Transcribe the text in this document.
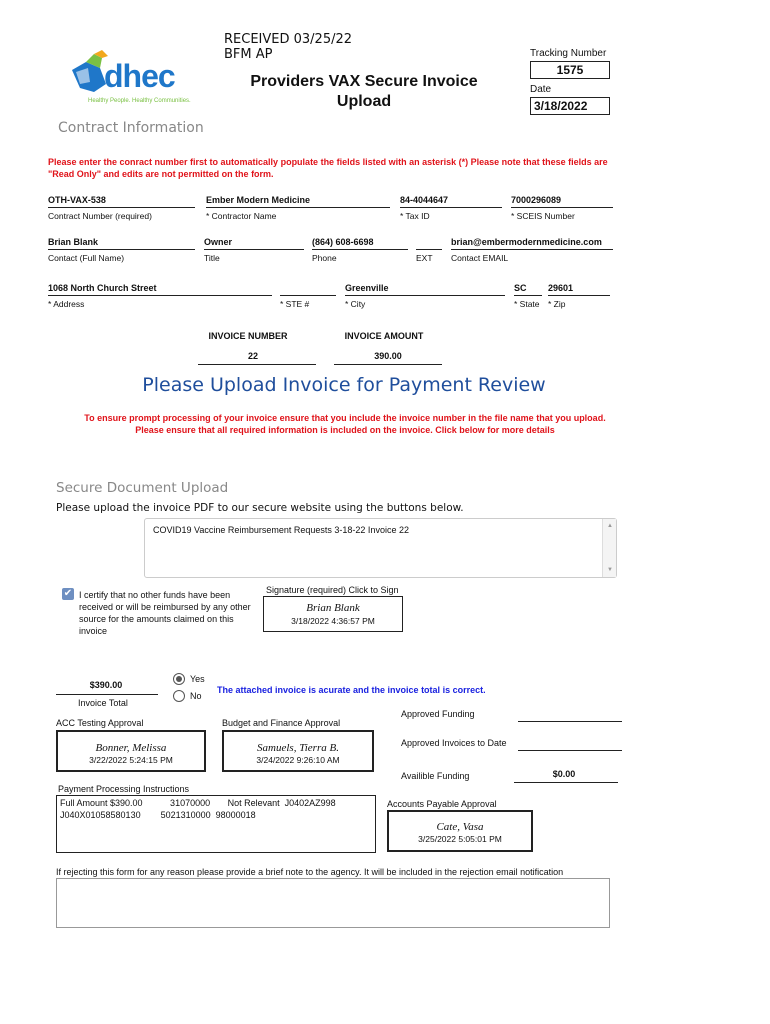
RECEIVED 03/25/22
BFM AP
dhec
Healthy People. Healthy Communities.
Providers VAX Secure Invoice
Upload
Tracking Number
1575
Date
3/18/2022
Contract Information
Please enter the conract number first to automatically populate the fields listed with an asterisk (*) Please note that these fields are "Read Only" and edits are not permitted on the form.
OTH-VAX-538
Contract Number (required)
Ember Modern Medicine
* Contractor Name
84-4044647
* Tax ID
7000296089
* SCEIS Number
Brian Blank
Contact (Full Name)
Owner
Title
(864) 608-6698
Phone	EXT
brian@embermodernmedicine.com
Contact EMAIL
1068 North Church Street
* Address	* STE #
Greenville
* City
SC
* State
29601
* Zip
INVOICE NUMBER
22
INVOICE AMOUNT
390.00
Please Upload Invoice for Payment Review
To ensure prompt processing of your invoice ensure that you include the invoice number in the file name that you upload.
Please ensure that all required information is included on the invoice. Click below for more details
Secure Document Upload
Please upload the invoice PDF to our secure website using the buttons below.
COVID19 Vaccine Reimbursement Requests 3-18-22 Invoice 22	▲
▼
✔ I certify that no other funds have been received or will be reimbursed by any other source for the amounts claimed on this invoice
Signature (required) Click to Sign
Brian Blank
3/18/2022 4:36:57 PM
$390.00
Invoice Total
Yes
No
The attached invoice is acurate and the invoice total is correct.
ACC Testing Approval
Bonner, Melissa
3/22/2022 5:24:15 PM
Budget and Finance Approval
Samuels, Tierra B.
3/24/2022 9:26:10 AM
Approved Funding
Approved Invoices to Date
Availible Funding	$0.00
Payment Processing Instructions

Full Amount $390.00           31070000       Not Relevant  J0402AZ998

J040X01058580130        5021310000  98000018

Accounts Payable Approval
Cate, Vasa
3/25/2022 5:05:01 PM
If rejecting this form for any reason please provide a brief note to the agency. It will be included in the rejection email notification
